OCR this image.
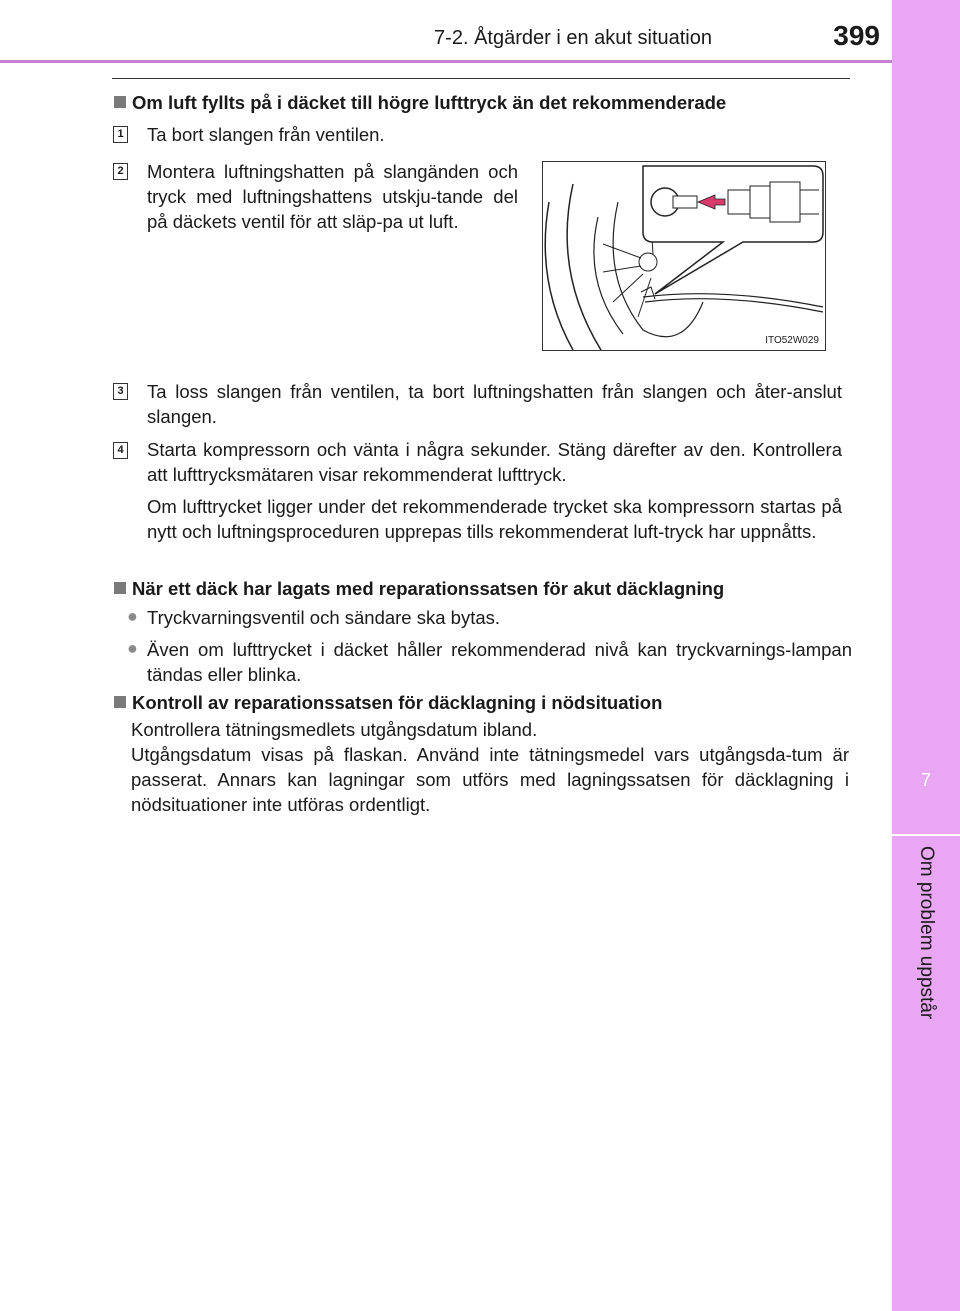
7-2. Åtgärder i en akut situation	399
7
Om problem uppstår
Om luft fyllts på i däcket till högre lufttryck än det rekommenderade
1 Ta bort slangen från ventilen.
2 Montera luftningshatten på slangänden och tryck med luftningshattens utskju-tande del på däckets ventil för att släp-pa ut luft.
ITO52W029
3 Ta loss slangen från ventilen, ta bort luftningshatten från slangen och åter-anslut slangen.
4 Starta kompressorn och vänta i några sekunder. Stäng därefter av den. Kontrollera att lufttrycksmätaren visar rekommenderat lufttryck.
Om lufttrycket ligger under det rekommenderade trycket ska kompressorn startas på nytt och luftningsproceduren upprepas tills rekommenderat luft-tryck har uppnåtts.
När ett däck har lagats med reparationssatsen för akut däcklagning
● Tryckvarningsventil och sändare ska bytas.
● Även om lufttrycket i däcket håller rekommenderad nivå kan tryckvarnings-lampan tändas eller blinka.
Kontroll av reparationssatsen för däcklagning i nödsituation
Kontrollera tätningsmedlets utgångsdatum ibland.
Utgångsdatum visas på flaskan. Använd inte tätningsmedel vars utgångsda-tum är passerat. Annars kan lagningar som utförs med lagningssatsen för däcklagning i nödsituationer inte utföras ordentligt.
